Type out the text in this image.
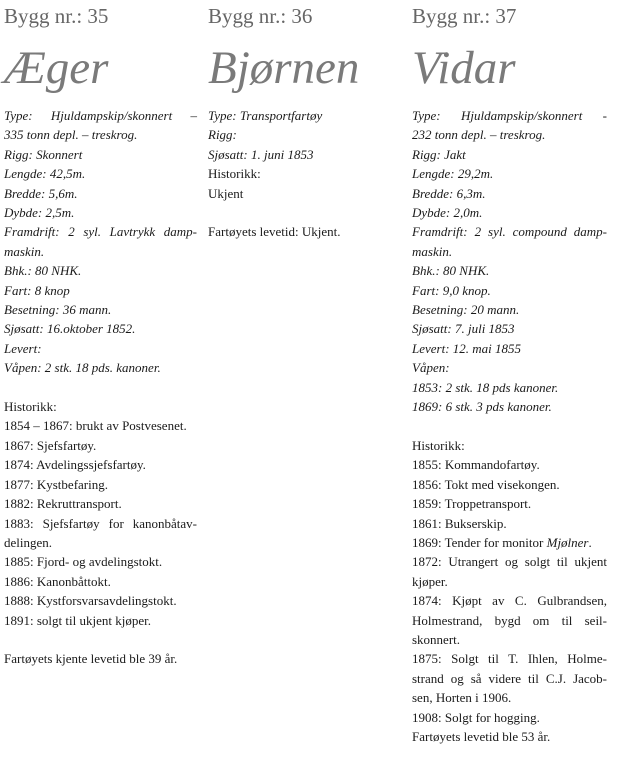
Bygg nr.: 35
Æger
Type: Hjuldampskip/skonnert –
335 tonn depl. – treskrog.
Rigg: Skonnert
Lengde: 42,5m.
Bredde: 5,6m.
Dybde: 2,5m.
Framdrift: 2 syl. Lavtrykk damp-
maskin.
Bhk.: 80 NHK.
Fart: 8 knop
Besetning: 36 mann.
Sjøsatt: 16.oktober 1852.
Levert:
Våpen: 2 stk. 18 pds. kanoner.
Historikk:
1854 – 1867: brukt av Postvesenet.
1867: Sjefsfartøy.
1874: Avdelingssjefsfartøy.
1877: Kystbefaring.
1882: Rekruttransport.
1883: Sjefsfartøy for kanonbåtav-
delingen.
1885: Fjord- og avdelingstokt.
1886: Kanonbåttokt.
1888: Kystforsvarsavdelingstokt.
1891: solgt til ukjent kjøper.
Fartøyets kjente levetid ble 39 år.
Bygg nr.: 36
Bjørnen
Type: Transportfartøy
Rigg:
Sjøsatt: 1. juni 1853
Historikk:
Ukjent
Fartøyets levetid: Ukjent.
Bygg nr.: 37
Vidar
Type: Hjuldampskip/skonnert -
232 tonn depl. – treskrog.
Rigg: Jakt
Lengde: 29,2m.
Bredde: 6,3m.
Dybde: 2,0m.
Framdrift: 2 syl. compound damp-
maskin.
Bhk.: 80 NHK.
Fart: 9,0 knop.
Besetning: 20 mann.
Sjøsatt: 7. juli 1853
Levert: 12. mai 1855
Våpen:
1853: 2 stk. 18 pds kanoner.
1869: 6 stk. 3 pds kanoner.
Historikk:
1855: Kommandofartøy.
1856: Tokt med visekongen.
1859: Troppetransport.
1861: Bukserskip.
1869: Tender for monitor Mjølner.
1872: Utrangert og solgt til ukjent
kjøper.
1874: Kjøpt av C. Gulbrandsen,
Holmestrand, bygd om til seil-
skonnert.
1875: Solgt til T. Ihlen, Holme-
strand og så videre til C.J. Jacob-
sen, Horten i 1906.
1908: Solgt for hogging.
Fartøyets levetid ble 53 år.
